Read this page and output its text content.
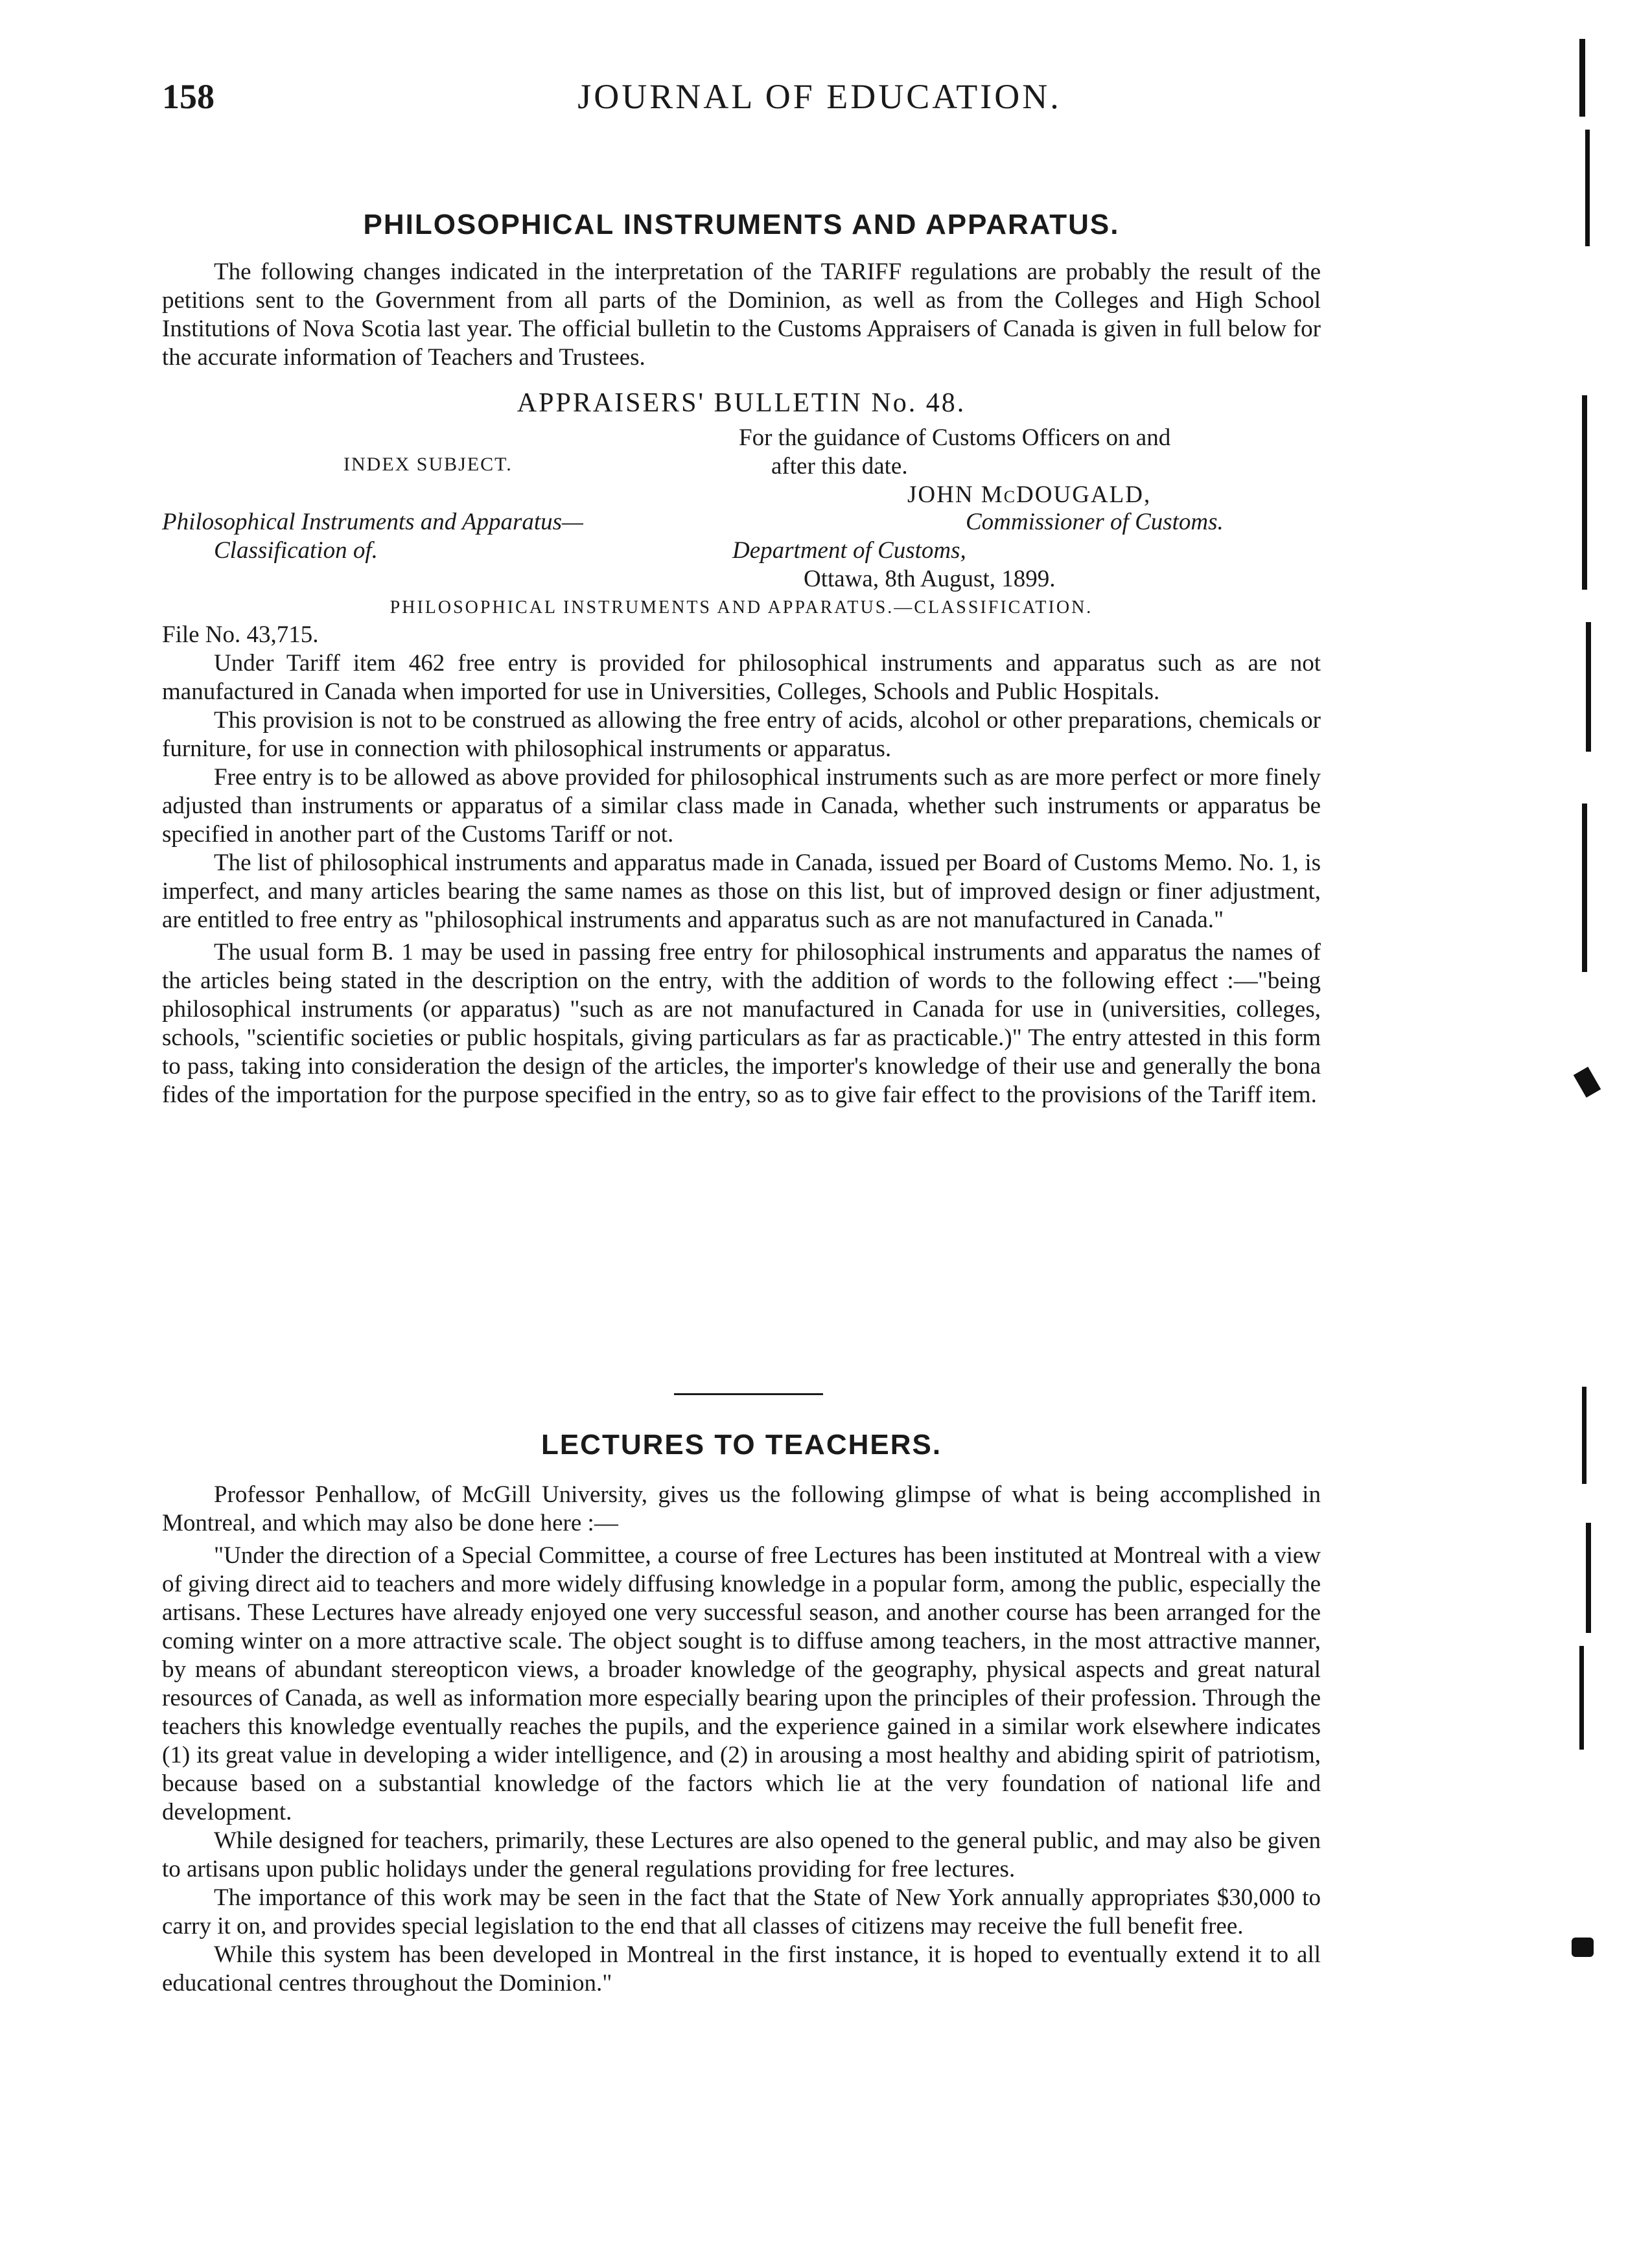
158	JOURNAL OF EDUCATION.
PHILOSOPHICAL INSTRUMENTS AND APPARATUS.

The following changes indicated in the interpretation of the TARIFF regulations are probably the result of the petitions sent to the Government from all parts of the Dominion, as well as from the Colleges and High School Institutions of Nova Scotia last year. The official bulletin to the Customs Appraisers of Canada is given in full below for the accurate information of Teachers and Trustees.

APPRAISERS' BULLETIN No. 48.
For the guidance of Customs Officers on and
INDEX SUBJECT.	after this date.
JOHN McDOUGALD,
Philosophical Instruments and Apparatus—	Commissioner of Customs.
Classification of.	Department of Customs,
Ottawa, 8th August, 1899.
PHILOSOPHICAL INSTRUMENTS AND APPARATUS.—CLASSIFICATION.

File No. 43,715.

Under Tariff item 462 free entry is provided for philosophical instruments and apparatus such as are not manufactured in Canada when imported for use in Universities, Colleges, Schools and Public Hospitals.

This provision is not to be construed as allowing the free entry of acids, alcohol or other preparations, chemicals or furniture, for use in connection with philosophical instruments or apparatus.

Free entry is to be allowed as above provided for philosophical instruments such as are more perfect or more finely adjusted than instruments or apparatus of a similar class made in Canada, whether such instruments or apparatus be specified in another part of the Customs Tariff or not.

The list of philosophical instruments and apparatus made in Canada, issued per Board of Customs Memo. No. 1, is imperfect, and many articles bearing the same names as those on this list, but of improved design or finer adjustment, are entitled to free entry as "philosophical instruments and apparatus such as are not manufactured in Canada."

The usual form B. 1 may be used in passing free entry for philosophical instruments and apparatus the names of the articles being stated in the description on the entry, with the addition of words to the following effect :—"being philosophical instruments (or apparatus) "such as are not manufactured in Canada for use in (universities, colleges, schools, "scientific societies or public hospitals, giving particulars as far as practicable.)" The entry attested in this form to pass, taking into consideration the design of the articles, the importer's knowledge of their use and generally the bona fides of the importation for the purpose specified in the entry, so as to give fair effect to the provisions of the Tariff item.

LECTURES TO TEACHERS.

Professor Penhallow, of McGill University, gives us the following glimpse of what is being accomplished in Montreal, and which may also be done here :—

"Under the direction of a Special Committee, a course of free Lectures has been instituted at Montreal with a view of giving direct aid to teachers and more widely diffusing knowledge in a popular form, among the public, especially the artisans. These Lectures have already enjoyed one very successful season, and another course has been arranged for the coming winter on a more attractive scale. The object sought is to diffuse among teachers, in the most attractive manner, by means of abundant stereopticon views, a broader knowledge of the geography, physical aspects and great natural resources of Canada, as well as information more especially bearing upon the principles of their profession. Through the teachers this knowledge eventually reaches the pupils, and the experience gained in a similar work elsewhere indicates (1) its great value in developing a wider intelligence, and (2) in arousing a most healthy and abiding spirit of patriotism, because based on a substantial knowledge of the factors which lie at the very foundation of national life and development.

While designed for teachers, primarily, these Lectures are also opened to the general public, and may also be given to artisans upon public holidays under the general regulations providing for free lectures.

The importance of this work may be seen in the fact that the State of New York annually appropriates $30,000 to carry it on, and provides special legislation to the end that all classes of citizens may receive the full benefit free.

While this system has been developed in Montreal in the first instance, it is hoped to eventually extend it to all educational centres throughout the Dominion."
